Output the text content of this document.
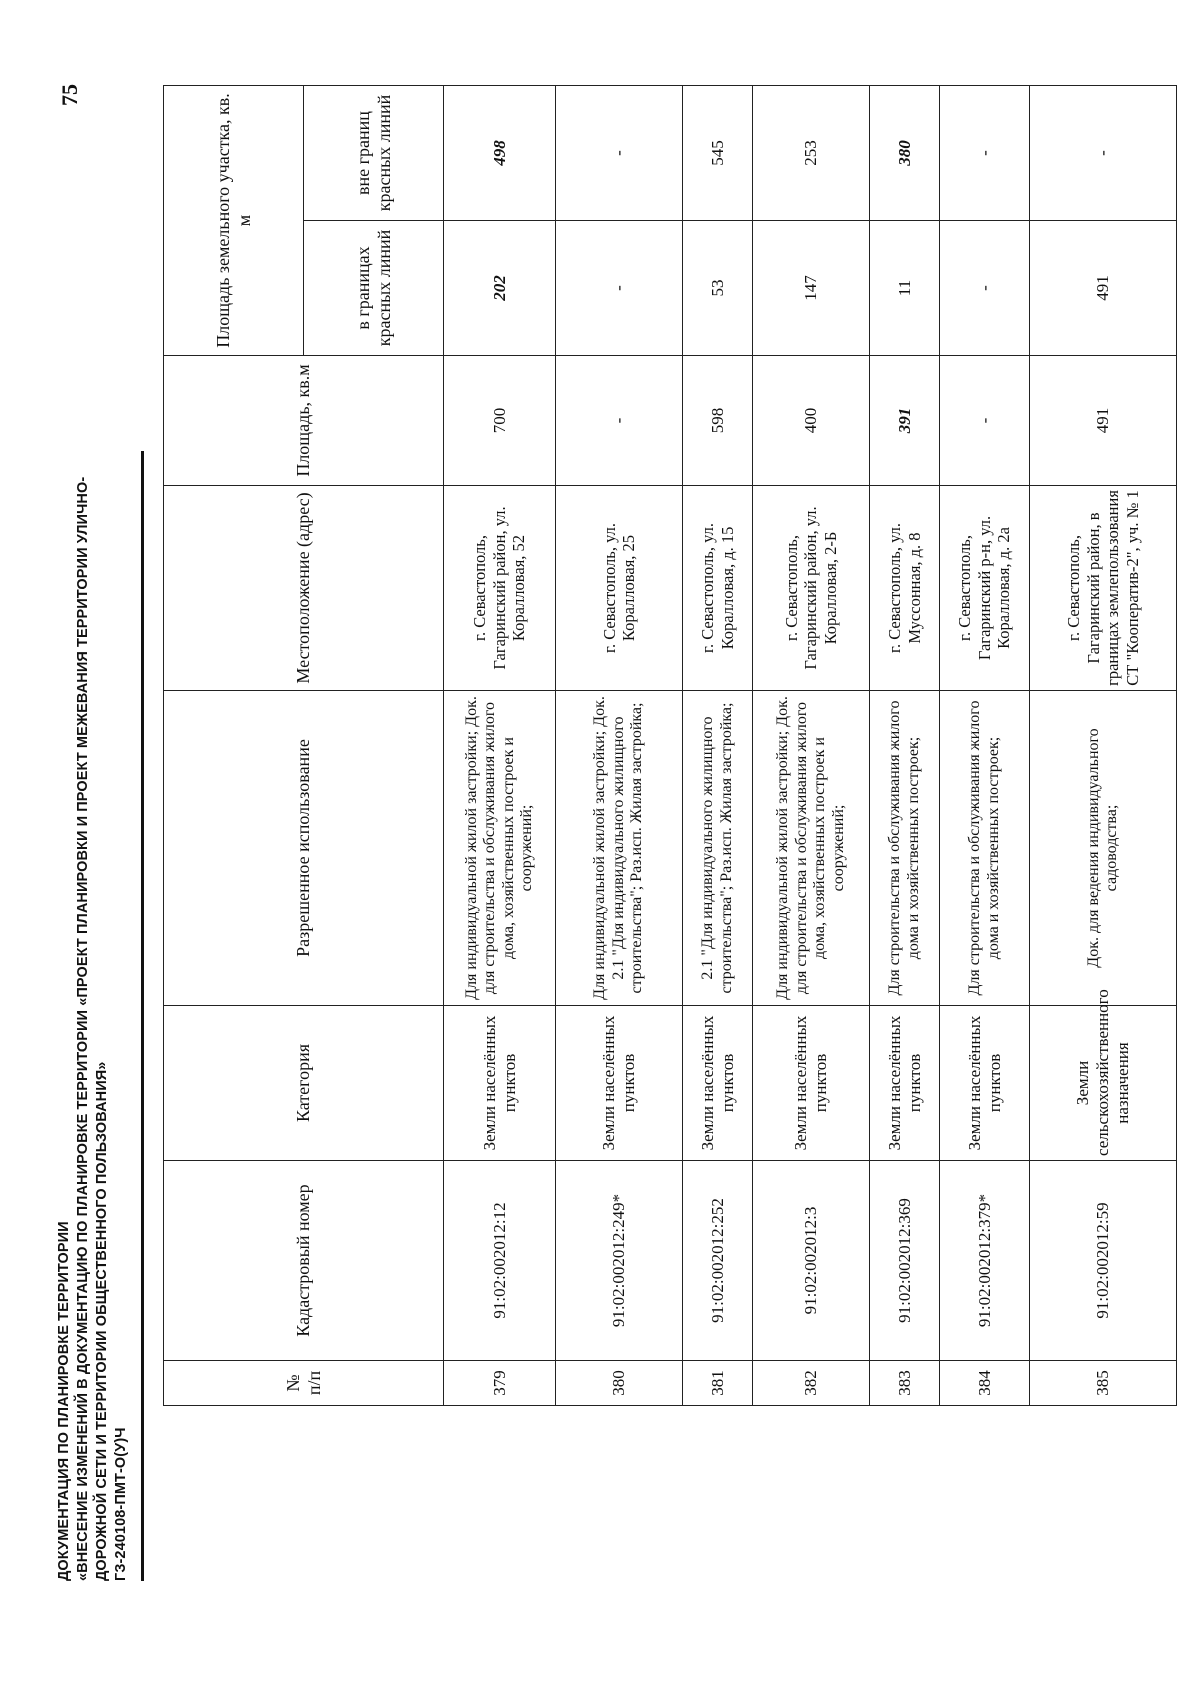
75
ДОКУМЕНТАЦИЯ ПО ПЛАНИРОВКЕ ТЕРРИТОРИИ «ВНЕСЕНИЕ ИЗМЕНЕНИЙ В ДОКУМЕНТАЦИЮ ПО ПЛАНИРОВКЕ ТЕРРИТОРИИ «ПРОЕКТ ПЛАНИРОВКИ И ПРОЕКТ МЕЖЕВАНИЯ ТЕРРИТОРИИ УЛИЧНО- ДОРОЖНОЙ СЕТИ И ТЕРРИТОРИИ ОБЩЕСТВЕННОГО ПОЛЬЗОВАНИЯ» ГЗ-240108-ПМТ-О(У)Ч
№ п/п	Кадастровый номер	Категория	Разрешенное использование	Местоположение (адрес)	Площадь, кв.м	Площадь земельного участка, кв. м	
						в границах красных линий	вне границ красных линий
379	91:02:002012:12	Земли населённых пунктов	Для индивидуальной жилой застройки; Док. для строительства и обслуживания жилого дома, хозяйственных построек и сооружений;	г. Севастополь, Гагаринский район, ул. Коралловая, 52	700	202	498
380	91:02:002012:249*	Земли населённых пунктов	Для индивидуальной жилой застройки; Док. 2.1 "Для индивидуального жилищного строительства"; Раз.исп. Жилая застройка;	г. Севастополь, ул. Коралловая, 25	-	-	-
381	91:02:002012:252	Земли населённых пунктов	2.1 "Для индивидуального жилищного строительства"; Раз.исп. Жилая застройка;	г. Севастополь, ул. Коралловая, д. 15	598	53	545
382	91:02:002012:3	Земли населённых пунктов	Для индивидуальной жилой застройки; Док. для строительства и обслуживания жилого дома, хозяйственных построек и сооружений;	г. Севастополь, Гагаринский район, ул. Коралловая, 2-Б	400	147	253
383	91:02:002012:369	Земли населённых пунктов	Для строительства и обслуживания жилого дома и хозяйственных построек;	г. Севастополь, ул. Муссонная, д. 8	391	11	380
384	91:02:002012:379*	Земли населённых пунктов	Для строительства и обслуживания жилого дома и хозяйственных построек;	г. Севастополь, Гагаринский р-н, ул. Коралловая, д. 2а	-	-	-
385	91:02:002012:59	Земли сельскохозяйственного назначения	Док. для ведения индивидуального садоводства;	г. Севастополь, Гагаринский район, в границах землепользования СТ "Кооператив-2", уч. № 1	491	491	-
